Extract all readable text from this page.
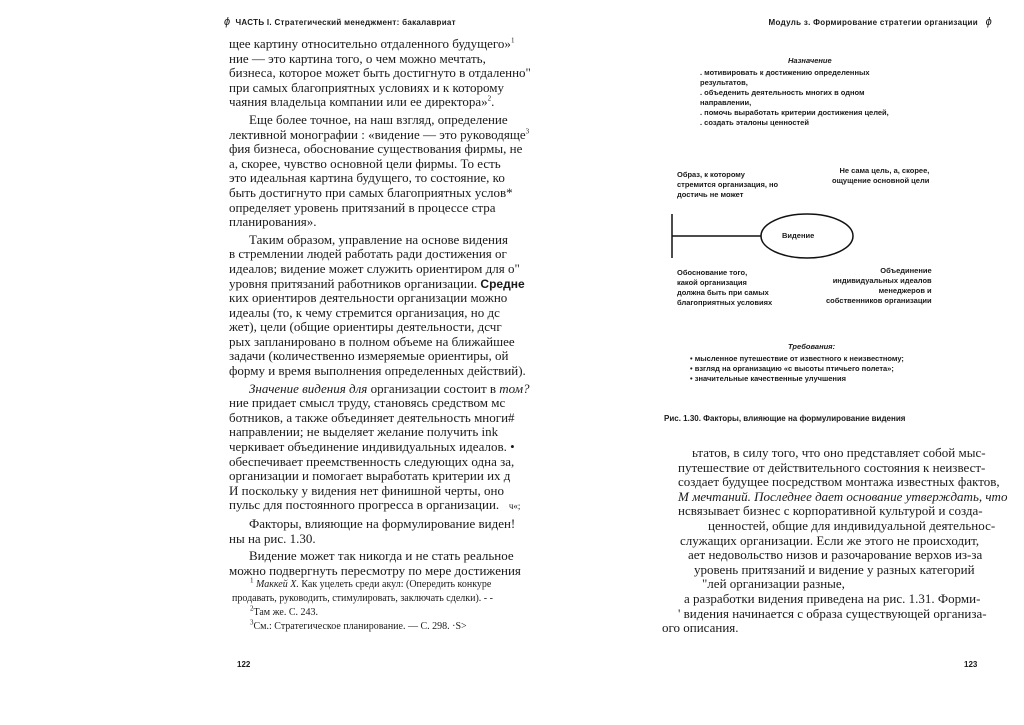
ϕ ЧАСТЬ I. Стратегический менеджмент: бакалавриат

щее картину относительно отдаленного будущего»$^1$

ние — это картина того, о чем можно мечтать,

бизнеса, которое может быть достигнуто в отдаленно"

при самых благоприятных условиях и к которому

чаяния владельца компании или ее директора»$^2$.

Еще более точное, на наш взгляд, определение

лективной монографии : «видение — это руководяще$^3$

фия бизнеса, обоснование существования фирмы, не

а, скорее, чувство основной цели фирмы. То есть

это идеальная картина будущего, то состояние, ко

быть достигнуто при самых благоприятных услов*

определяет уровень притязаний в процессе стра

планирования».

Таким образом, управление на основе видения

в стремлении людей работать ради достижения ог

идеалов; видение может служить ориентиром для о"

уровня притязаний работников организации. Средне

ких ориентиров деятельности организации можно

идеалы (то, к чему стремится организация, но дс

жет), цели (общие ориентиры деятельности, дсчг

рых запланировано в полном объеме на ближайшее

задачи (количественно измеряемые ориентиры, ой

форму и время выполнения определенных действий).

Значение видения для организации состоит в том?

ние придает смысл труду, становясь средством мс

ботников, а также объединяет деятельность многи#

направлении; не выделяет желание получить ink

черкивает объединение индивидуальных идеалов. •

обеспечивает преемственность следующих одна за,

организации и помогает выработать критерии их д

И поскольку у видения нет финишной черты, оно

пульс для постоянного прогресса в организации. ч«;

Факторы, влияющие на формулирование виден!

ны на рис. 1.30.

Видение может так никогда и не стать реальное

можно подвергнуть пересмотру по мере достижения

$^1$ Маккей X. Как уцелеть среди акул: (Опередить конкуре

продавать, руководить, стимулировать, заключать сделки). - -

$^2$Там же. С. 243.

$^3$См.: Стратегическое планирование. — С. 298. ·S>

122
Модуль з. Формирование стратегии организации ϕ
Назначение

. мотивировать к достижению определенных

результатов,

. объеденить деятельность многих в одном

направлении,

. помочь выработать критерии достижения целей,

. создать эталоны ценностей

Образ, к которому

стремится организация, но

достичь не может

Не сама цель, а, скорее,

ощущение основной цели

Видение

Обоснование того,

какой организация

должна быть при самых

благоприятных условиях

Объединение

индивидуальных идеалов

менеджеров и

собственников организации

Требования:

• мысленное путешествие от известного к неизвестному;

• взгляд на организацию «с высоты птичьего полета»;

• значительные качественные улучшения

Рис. 1.30. Факторы, влияющие на формулирование видения

ьтатов, в силу того, что оно представляет собой мыс-

путешествие от действительного состояния к неизвест-

создает будущее посредством монтажа известных фактов,

М мечтаний. Последнее дает основание утверждать, что

нсвязывает бизнес с корпоративной культурой и созда-

ценностей, общие для индивидуальной деятельнос-

служащих организации. Если же этого не происходит,

ает недовольство низов и разочарование верхов из-за

уровень притязаний и видение у разных категорий

"лей организации разные,

а разработки видения приведена на рис. 1.31. Форми-

' видения начинается с образа существующей организа-

ого описания.

123
